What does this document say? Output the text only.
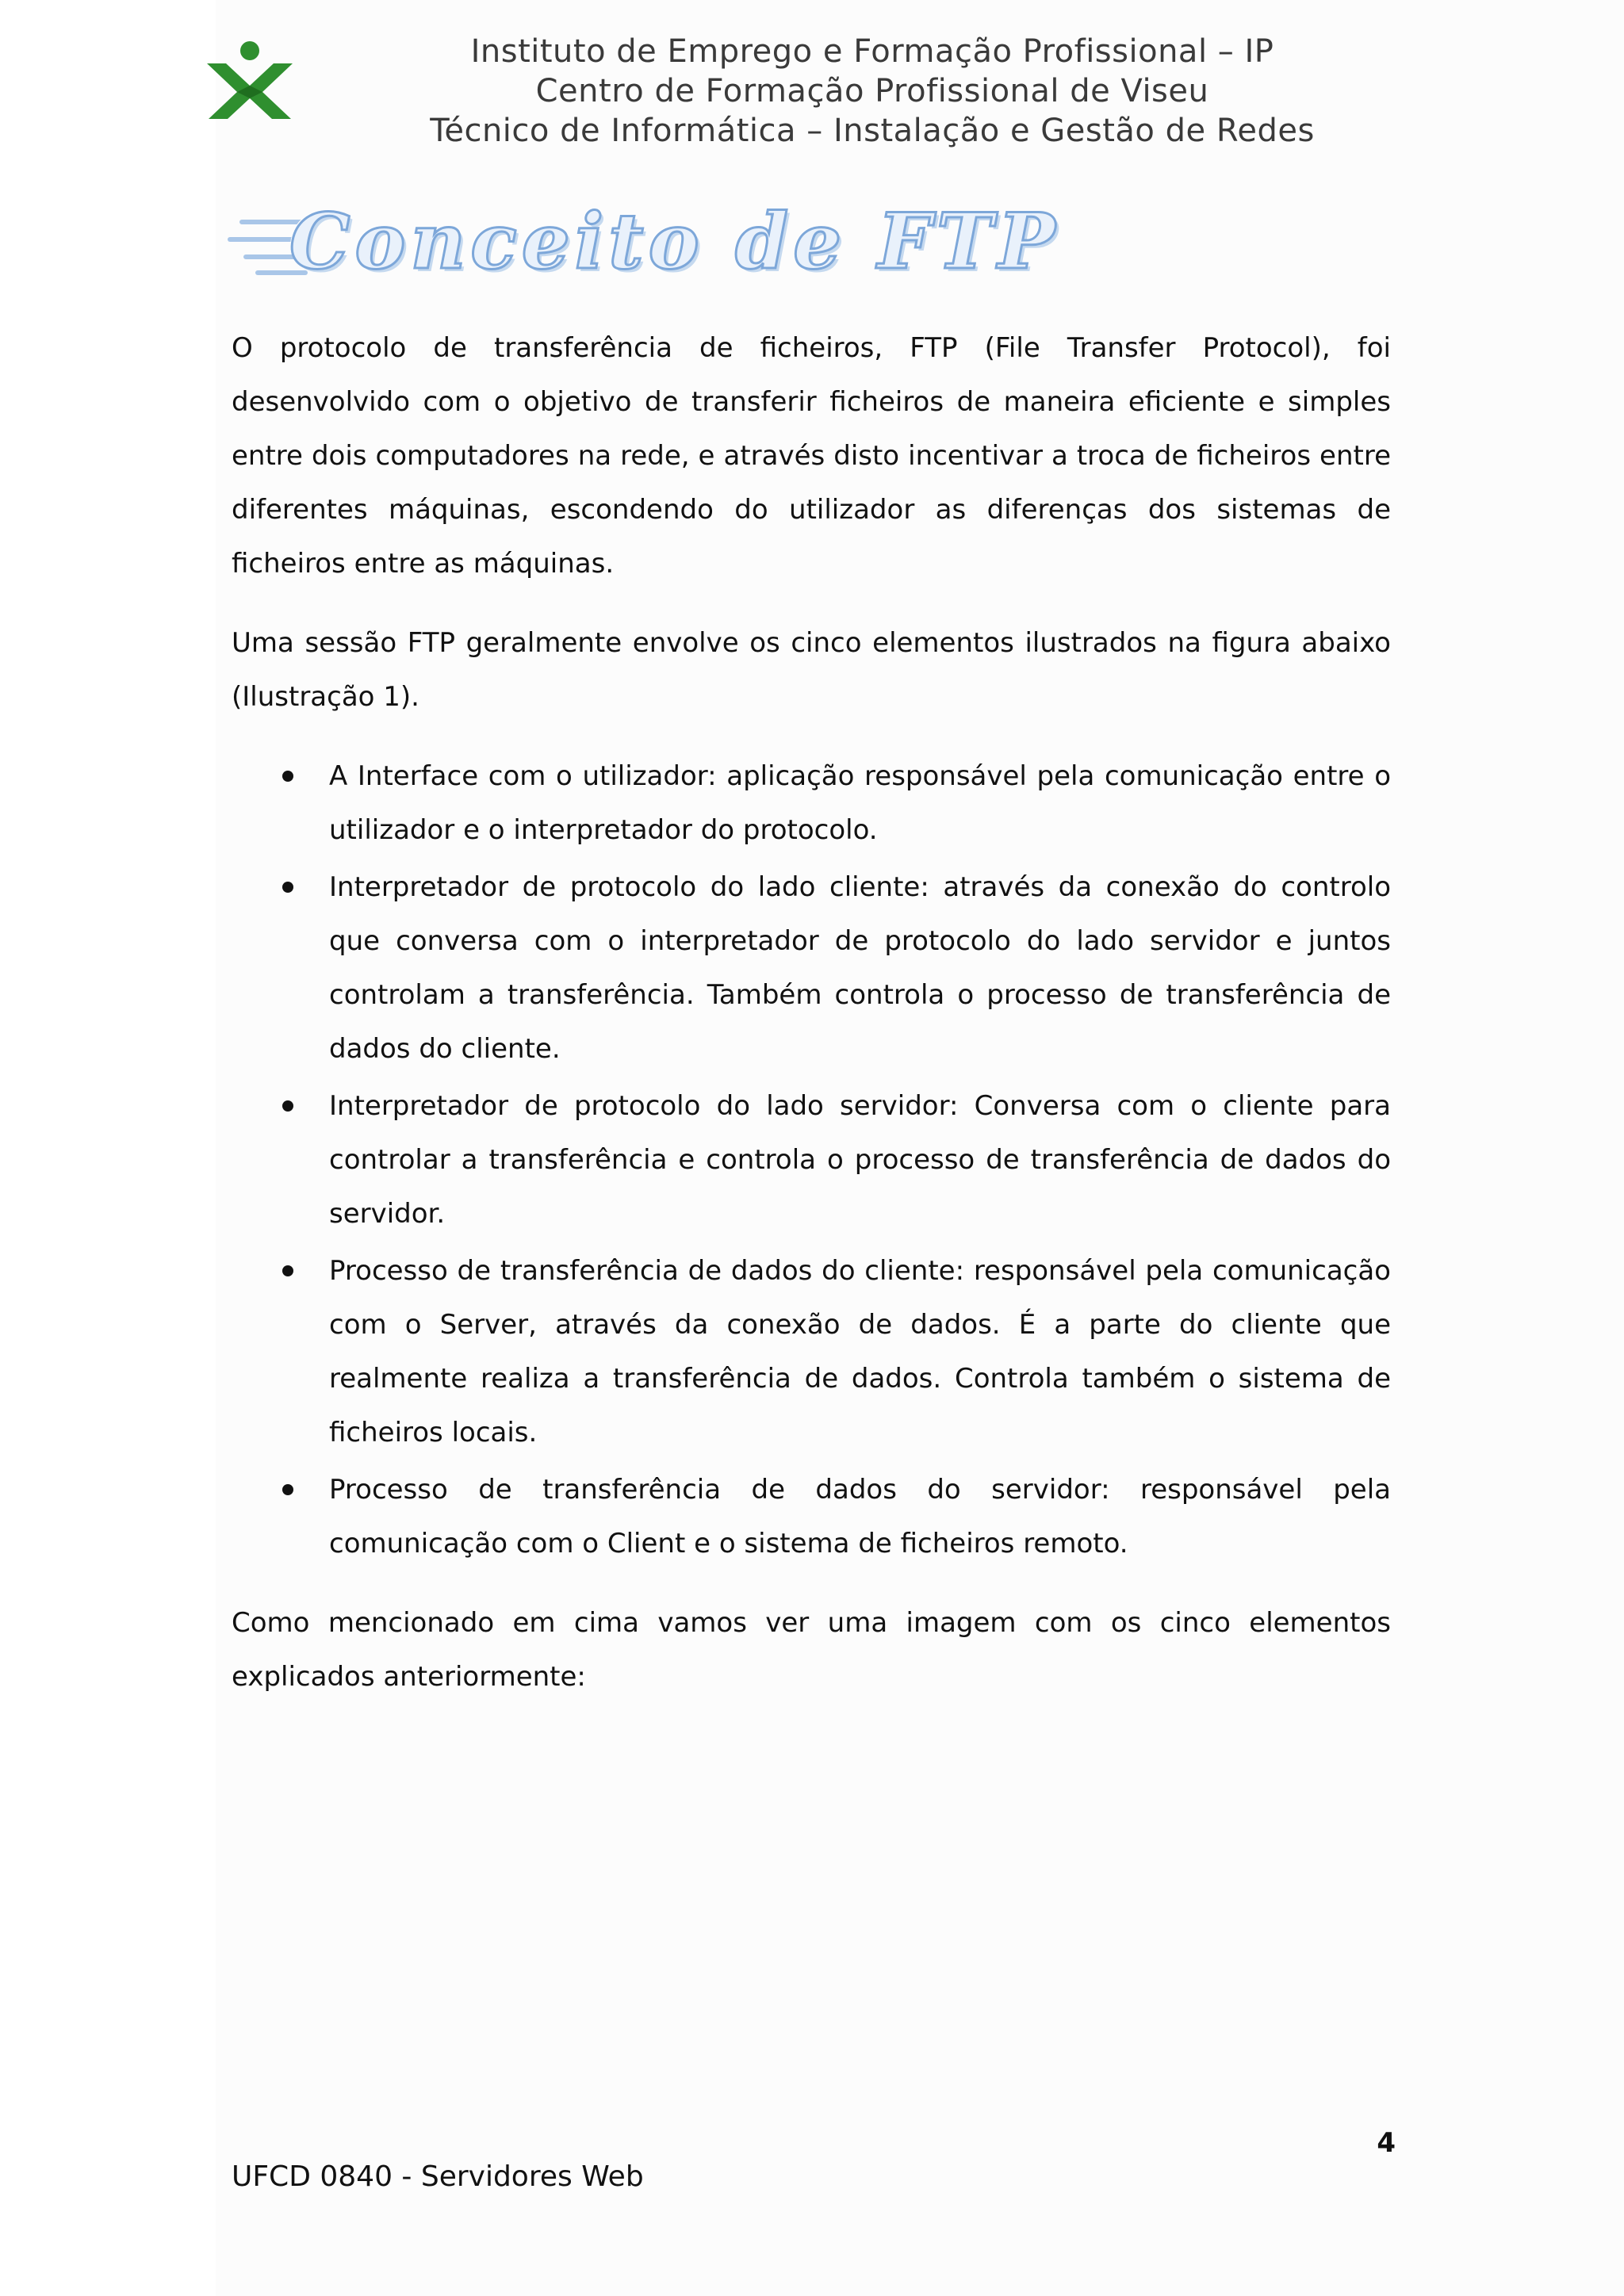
Instituto de Emprego e Formação Profissional – IP
Centro de Formação Profissional de Viseu
Técnico de Informática – Instalação e Gestão de Redes
Conceito de FTP

O protocolo de transferência de ficheiros, FTP (File Transfer Protocol), foi desenvolvido com o objetivo de transferir ficheiros de maneira eficiente e simples entre dois computadores na rede, e através disto incentivar a troca de ficheiros entre diferentes máquinas, escondendo do utilizador as diferenças dos sistemas de ficheiros entre as máquinas.

Uma sessão FTP geralmente envolve os cinco elementos ilustrados na figura abaixo (Ilustração 1).

A Interface com o utilizador: aplicação responsável pela comunicação entre o utilizador e o interpretador do protocolo.
Interpretador de protocolo do lado cliente: através da conexão do controlo que conversa com o interpretador de protocolo do lado servidor e juntos controlam a transferência. Também controla o processo de transferência de dados do cliente.
Interpretador de protocolo do lado servidor: Conversa com o cliente para controlar a transferência e controla o processo de transferência de dados do servidor.
Processo de transferência de dados do cliente: responsável pela comunicação com o Server, através da conexão de dados. É a parte do cliente que realmente realiza a transferência de dados. Controla também o sistema de ficheiros locais.
Processo de transferência de dados do servidor: responsável pela comunicação com o Client e o sistema de ficheiros remoto.

Como mencionado em cima vamos ver uma imagem com os cinco elementos explicados anteriormente:

4
UFCD 0840 - Servidores Web
